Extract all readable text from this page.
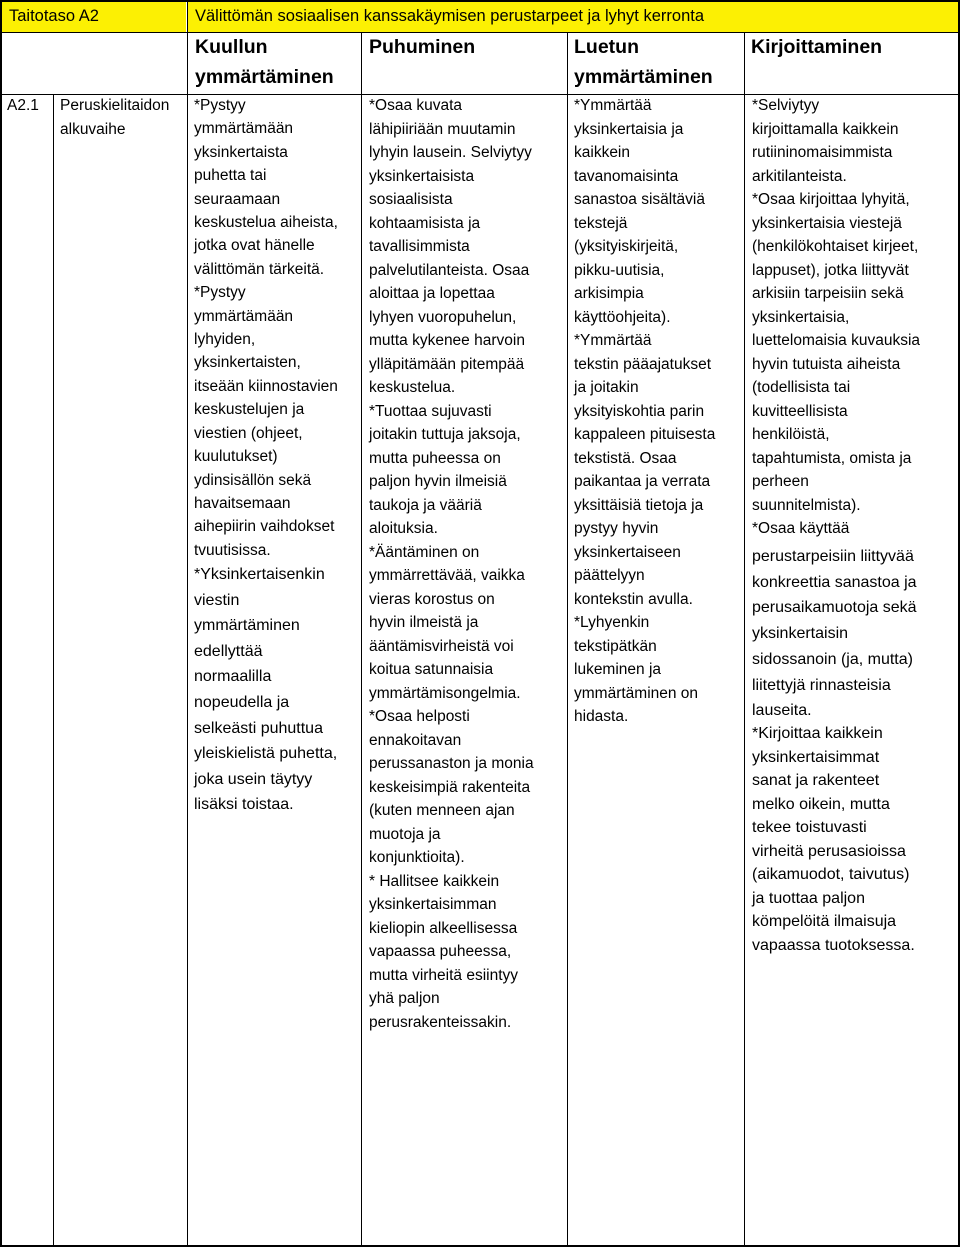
Taitotaso A2	Välittömän sosiaalisen kanssakäymisen perustarpeet ja lyhyt kerronta
Kuullun
ymmärtäminen
Puhuminen	Luetun
ymmärtäminen
Kirjoittaminen
A2.1 Peruskielitaidon
alkuvaihe
*Pystyy
ymmärtämään
yksinkertaista
puhetta tai
seuraamaan
keskustelua aiheista,
jotka ovat hänelle
välittömän tärkeitä.
*Pystyy
ymmärtämään
lyhyiden,
yksinkertaisten,
itseään kiinnostavien
keskustelujen ja
viestien (ohjeet,
kuulutukset)
ydinsisällön sekä
havaitsemaan
aihepiirin vaihdokset
tvuutisissa.
*Yksinkertaisenkin
viestin
ymmärtäminen
edellyttää
normaalilla
nopeudella ja
selkeästi puhuttua
yleiskielistä puhetta,
joka usein täytyy
lisäksi toistaa.
*Osaa kuvata
lähipiiriään muutamin
lyhyin lausein. Selviytyy
yksinkertaisista
sosiaalisista
kohtaamisista ja
tavallisimmista
palvelutilanteista. Osaa
aloittaa ja lopettaa
lyhyen vuoropuhelun,
mutta kykenee harvoin
ylläpitämään pitempää
keskustelua.
*Tuottaa sujuvasti
joitakin tuttuja jaksoja,
mutta puheessa on
paljon hyvin ilmeisiä
taukoja ja vääriä
aloituksia.
*Ääntäminen on
ymmärrettävää, vaikka
vieras korostus on
hyvin ilmeistä ja
ääntämisvirheistä voi
koitua satunnaisia
ymmärtämisongelmia.
*Osaa helposti
ennakoitavan
perussanaston ja monia
keskeisimpiä rakenteita
(kuten menneen ajan
muotoja ja
konjunktioita).
* Hallitsee kaikkein
yksinkertaisimman
kieliopin alkeellisessa
vapaassa puheessa,
mutta virheitä esiintyy
yhä paljon
perusrakenteissakin.
*Ymmärtää
yksinkertaisia ja
kaikkein
tavanomaisinta
sanastoa sisältäviä
tekstejä
(yksityiskirjeitä,
pikku-uutisia,
arkisimpia
käyttöohjeita).
*Ymmärtää
tekstin pääajatukset
ja joitakin
yksityiskohtia parin
kappaleen pituisesta
tekstistä. Osaa
paikantaa ja verrata
yksittäisiä tietoja ja
pystyy hyvin
yksinkertaiseen
päättelyyn
kontekstin avulla.
*Lyhyenkin
tekstipätkän
lukeminen ja
ymmärtäminen on
hidasta.
*Selviytyy
kirjoittamalla kaikkein
rutiininomaisimmista
arkitilanteista.
*Osaa kirjoittaa lyhyitä,
yksinkertaisia viestejä
(henkilökohtaiset kirjeet,
lappuset), jotka liittyvät
arkisiin tarpeisiin sekä
yksinkertaisia,
luettelomaisia kuvauksia
hyvin tutuista aiheista
(todellisista tai
kuvitteellisista
henkilöistä,
tapahtumista, omista ja
perheen
suunnitelmista).
*Osaa käyttää
perustarpeisiin liittyvää
konkreettia sanastoa ja
perusaikamuotoja sekä
yksinkertaisin
sidossanoin (ja, mutta)
liitettyjä rinnasteisia
lauseita.
*Kirjoittaa kaikkein
yksinkertaisimmat
sanat ja rakenteet
melko oikein, mutta
tekee toistuvasti
virheitä perusasioissa
(aikamuodot, taivutus)
ja tuottaa paljon
kömpelöitä ilmaisuja
vapaassa tuotoksessa.
